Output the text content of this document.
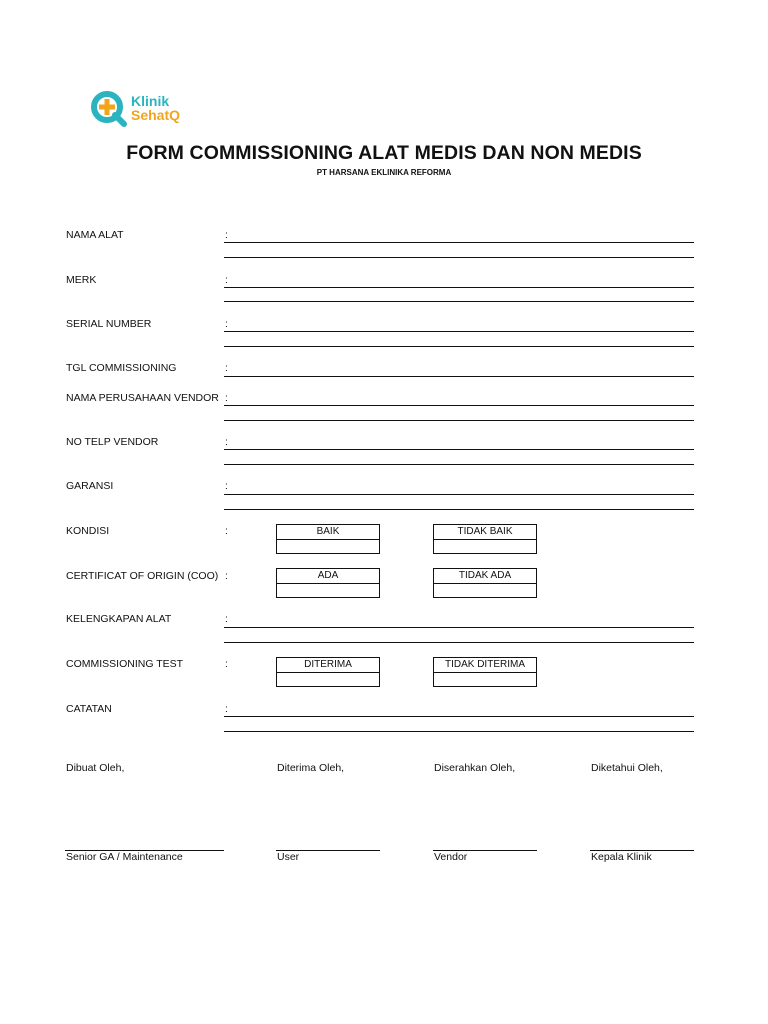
Klinik
SehatQ
FORM COMMISSIONING ALAT MEDIS DAN NON MEDIS
PT HARSANA EKLINIKA REFORMA
NAMA ALAT	:
MERK	:
SERIAL NUMBER	:
TGL COMMISSIONING	:
NAMA PERUSAHAAN VENDOR :
NO TELP VENDOR	:
GARANSI	:
KONDISI	:	BAIK	TIDAK BAIK
CERTIFICAT OF ORIGIN (COO) :	ADA	TIDAK ADA
KELENGKAPAN ALAT	:
COMMISSIONING TEST	:	DITERIMA	TIDAK DITERIMA
CATATAN	:
Dibuat Oleh,	Diterima Oleh,	Diserahkan Oleh,	Diketahui Oleh,
Senior GA / Maintenance	User	Vendor	Kepala Klinik
